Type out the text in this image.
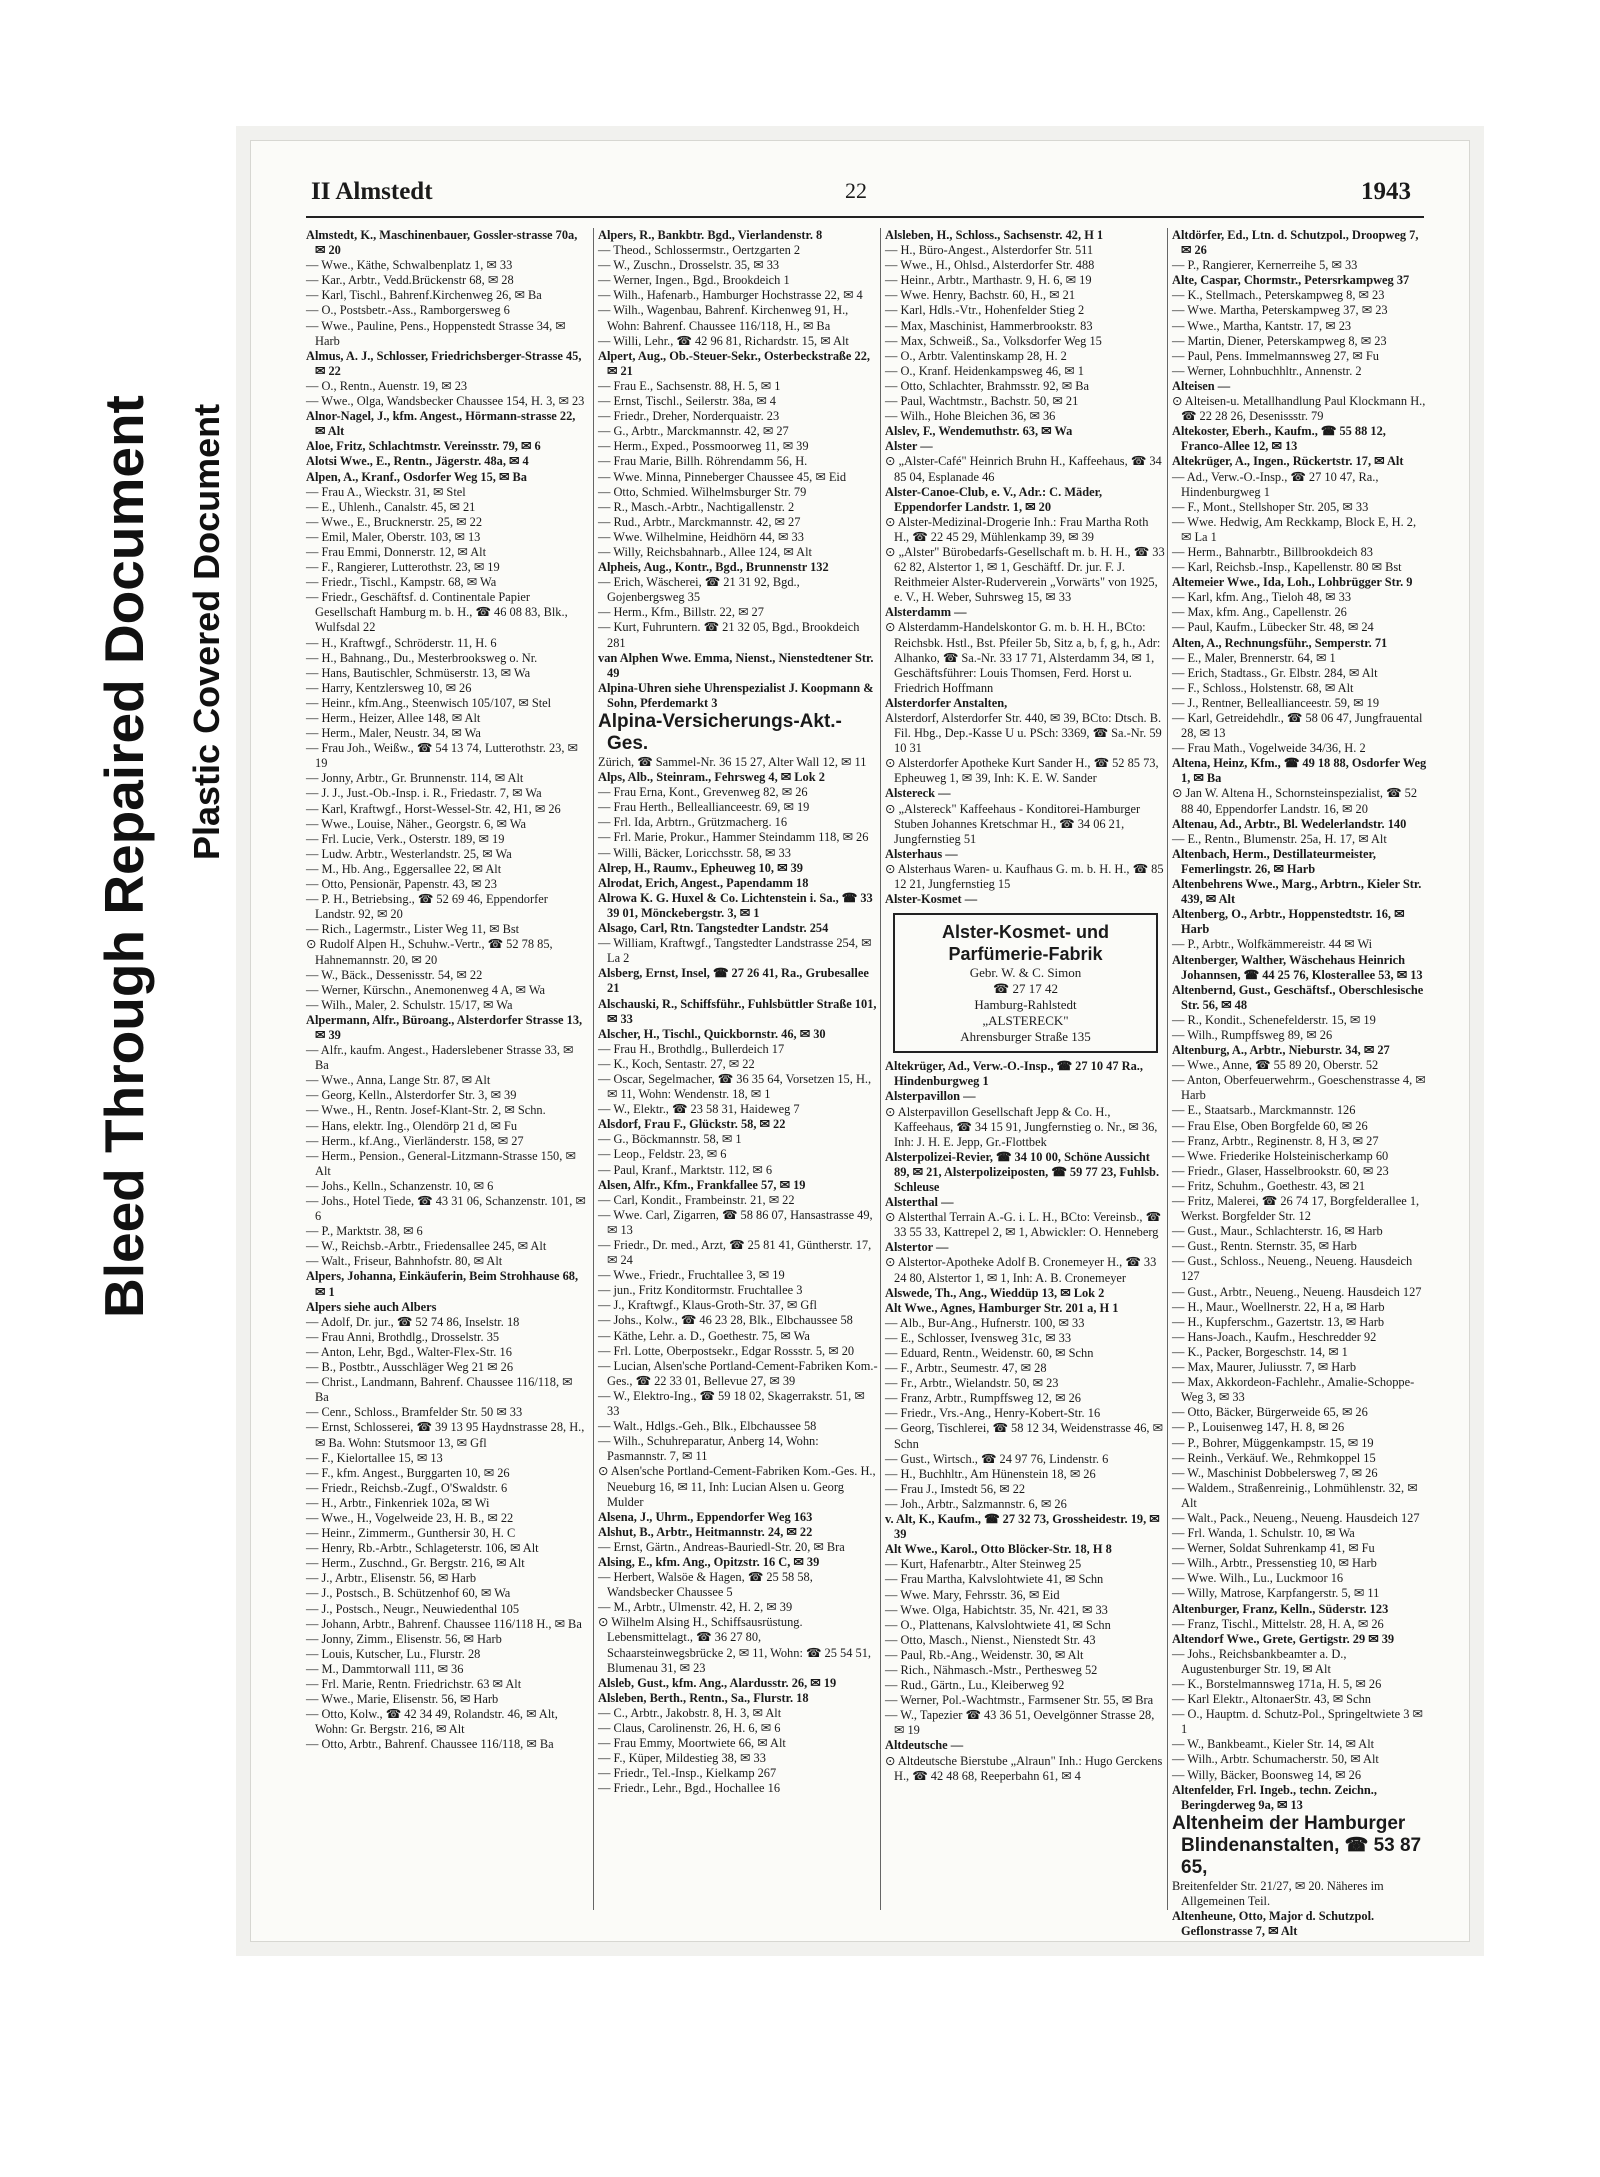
Bleed Through Repaired Document Plastic Covered Document
22
II Almstedt	1943
Almstedt, K., Maschinenbauer, Gossler-strasse 70a, ✉ 20
— Wwe., Käthe, Schwalbenplatz 1, ✉ 33
— Kar., Arbtr., Vedd.Brückenstr 68, ✉ 28
— Karl, Tischl., Bahrenf.Kirchenweg 26, ✉ Ba
— O., Postsbetr.-Ass., Ramborgersweg 6
— Wwe., Pauline, Pens., Hoppenstedt Strasse 34, ✉ Harb
Almus, A. J., Schlosser, Friedrichsberger-Strasse 45, ✉ 22
— O., Rentn., Auenstr. 19, ✉ 23
— Wwe., Olga, Wandsbecker Chaussee 154, H. 3, ✉ 23
Alnor-Nagel, J., kfm. Angest., Hörmann-strasse 22, ✉ Alt
Aloe, Fritz, Schlachtmstr. Vereinsstr. 79, ✉ 6
Alotsi Wwe., E., Rentn., Jägerstr. 48a, ✉ 4
Alpen, A., Kranf., Osdorfer Weg 15, ✉ Ba
— Frau A., Wieckstr. 31, ✉ Stel
— E., Uhlenh., Canalstr. 45, ✉ 21
— Wwe., E., Brucknerstr. 25, ✉ 22
— Emil, Maler, Oberstr. 103, ✉ 13
— Frau Emmi, Donnerstr. 12, ✉ Alt
— F., Rangierer, Lutterothstr. 23, ✉ 19
— Friedr., Tischl., Kampstr. 68, ✉ Wa
— Friedr., Geschäftsf. d. Continentale Papier Gesellschaft Hamburg m. b. H., ☎ 46 08 83, Blk., Wulfsdal 22
— H., Kraftwgf., Schröderstr. 11, H. 6
— H., Bahnang., Du., Mesterbrooksweg o. Nr.
— Hans, Bautischler, Schmüserstr. 13, ✉ Wa
— Harry, Kentzlersweg 10, ✉ 26
— Heinr., kfm.Ang., Steenwisch 105/107, ✉ Stel
— Herm., Heizer, Allee 148, ✉ Alt
— Herm., Maler, Neustr. 34, ✉ Wa
— Frau Joh., Weißw., ☎ 54 13 74, Lutterothstr. 23, ✉ 19
— Jonny, Arbtr., Gr. Brunnenstr. 114, ✉ Alt
— J. J., Just.-Ob.-Insp. i. R., Friedastr. 7, ✉ Wa
— Karl, Kraftwgf., Horst-Wessel-Str. 42, H1, ✉ 26
— Wwe., Louise, Näher., Georgstr. 6, ✉ Wa
— Frl. Lucie, Verk., Osterstr. 189, ✉ 19
— Ludw. Arbtr., Westerlandstr. 25, ✉ Wa
— M., Hb. Ang., Eggersallee 22, ✉ Alt
— Otto, Pensionär, Papenstr. 43, ✉ 23
— P. H., Betriebsing., ☎ 52 69 46, Eppendorfer Landstr. 92, ✉ 20
— Rich., Lagermstr., Lister Weg 11, ✉ Bst
⊙ Rudolf Alpen H., Schuhw.-Vertr., ☎ 52 78 85, Hahnemannstr. 20, ✉ 20
— W., Bäck., Dessenisstr. 54, ✉ 22
— Werner, Kürschn., Anemonenweg 4 A, ✉ Wa
— Wilh., Maler, 2. Schulstr. 15/17, ✉ Wa
Alpermann, Alfr., Büroang., Alsterdorfer Strasse 13, ✉ 39
— Alfr., kaufm. Angest., Haderslebener Strasse 33, ✉ Ba
— Wwe., Anna, Lange Str. 87, ✉ Alt
— Georg, Kelln., Alsterdorfer Str. 3, ✉ 39
— Wwe., H., Rentn. Josef-Klant-Str. 2, ✉ Schn.
— Hans, elektr. Ing., Olendörp 21 d, ✉ Fu
— Herm., kf.Ang., Vierländerstr. 158, ✉ 27
— Herm., Pension., General-Litzmann-Strasse 150, ✉ Alt
— Johs., Kelln., Schanzenstr. 10, ✉ 6
— Johs., Hotel Tiede, ☎ 43 31 06, Schanzenstr. 101, ✉ 6
— P., Marktstr. 38, ✉ 6
— W., Reichsb.-Arbtr., Friedensallee 245, ✉ Alt
— Walt., Friseur, Bahnhofstr. 80, ✉ Alt
Alpers, Johanna, Einkäuferin, Beim Strohhause 68, ✉ 1
Alpers siehe auch Albers
— Adolf, Dr. jur., ☎ 52 74 86, Inselstr. 18
— Frau Anni, Brothdlg., Drosselstr. 35
— Anton, Lehr, Bgd., Walter-Flex-Str. 16
— B., Postbtr., Ausschläger Weg 21 ✉ 26
— Christ., Landmann, Bahrenf. Chaussee 116/118, ✉ Ba
— Cenr., Schloss., Bramfelder Str. 50 ✉ 33
— Ernst, Schlosserei, ☎ 39 13 95 Haydnstrasse 28, H., ✉ Ba. Wohn: Stutsmoor 13, ✉ Gfl
— F., Kielortallee 15, ✉ 13
— F., kfm. Angest., Burggarten 10, ✉ 26
— Friedr., Reichsb.-Zugf., O'Swaldstr. 6
— H., Arbtr., Finkenriek 102a, ✉ Wi
— Wwe., H., Vogelweide 23, H. B., ✉ 22
— Heinr., Zimmerm., Gunthersir 30, H. C
— Henry, Rb.-Arbtr., Schlageterstr. 106, ✉ Alt
— Herm., Zuschnd., Gr. Bergstr. 216, ✉ Alt
— J., Arbtr., Elisenstr. 56, ✉ Harb
— J., Postsch., B. Schützenhof 60, ✉ Wa
— J., Postsch., Neugr., Neuwiedenthal 105
— Johann, Arbtr., Bahrenf. Chaussee 116/118 H., ✉ Ba
— Jonny, Zimm., Elisenstr. 56, ✉ Harb
— Louis, Kutscher, Lu., Flurstr. 28
— M., Dammtorwall 111, ✉ 36
— Frl. Marie, Rentn. Friedrichstr. 63 ✉ Alt
— Wwe., Marie, Elisenstr. 56, ✉ Harb
— Otto, Kolw., ☎ 42 34 49, Rolandstr. 46, ✉ Alt, Wohn: Gr. Bergstr. 216, ✉ Alt
— Otto, Arbtr., Bahrenf. Chaussee 116/118, ✉ Ba
Alpers, R., Bankbtr. Bgd., Vierlandenstr. 8
— Theod., Schlossermstr., Oertzgarten 2
— W., Zuschn., Drosselstr. 35, ✉ 33
— Werner, Ingen., Bgd., Brookdeich 1
— Wilh., Hafenarb., Hamburger Hochstrasse 22, ✉ 4
— Wilh., Wagenbau, Bahrenf. Kirchenweg 91, H., Wohn: Bahrenf. Chaussee 116/118, H., ✉ Ba
— Willi, Lehr., ☎ 42 96 81, Richardstr. 15, ✉ Alt
Alpert, Aug., Ob.-Steuer-Sekr., Osterbeckstraße 22, ✉ 21
— Frau E., Sachsenstr. 88, H. 5, ✉ 1
— Ernst, Tischl., Seilerstr. 38a, ✉ 4
— Friedr., Dreher, Norderquaistr. 23
— G., Arbtr., Marckmannstr. 42, ✉ 27
— Herm., Exped., Possmoorweg 11, ✉ 39
— Frau Marie, Billh. Röhrendamm 56, H.
— Wwe. Minna, Pinneberger Chaussee 45, ✉ Eid
— Otto, Schmied. Wilhelmsburger Str. 79
— R., Masch.-Arbtr., Nachtigallenstr. 2
— Rud., Arbtr., Marckmannstr. 42, ✉ 27
— Wwe. Wilhelmine, Heidhörn 44, ✉ 33
— Willy, Reichsbahnarb., Allee 124, ✉ Alt
Alpheis, Aug., Kontr., Bgd., Brunnenstr 132
— Erich, Wäscherei, ☎ 21 31 92, Bgd., Gojenbergsweg 35
— Herm., Kfm., Billstr. 22, ✉ 27
— Kurt, Fuhruntern. ☎ 21 32 05, Bgd., Brookdeich 281
van Alphen Wwe. Emma, Nienst., Nienstedtener Str. 49
Alpina-Uhren siehe Uhrenspezialist J. Koopmann & Sohn, Pferdemarkt 3
Alpina-Versicherungs-Akt.-Ges.
Zürich, ☎ Sammel-Nr. 36 15 27, Alter Wall 12, ✉ 11
Alps, Alb., Steinram., Fehrsweg 4, ✉ Lok 2
— Frau Erna, Kont., Grevenweg 82, ✉ 26
— Frau Herth., Belleallianceestr. 69, ✉ 19
— Frl. Ida, Arbtrn., Grützmacherg. 16
— Frl. Marie, Prokur., Hammer Steindamm 118, ✉ 26
— Willi, Bäcker, Loricchsstr. 58, ✉ 33
Alrep, H., Raumv., Epheuweg 10, ✉ 39
Alrodat, Erich, Angest., Papendamm 18
Alrowa K. G. Huxel & Co. Lichtenstein i. Sa., ☎ 33 39 01, Mönckebergstr. 3, ✉ 1
Alsago, Carl, Rtn. Tangstedter Landstr. 254
— William, Kraftwgf., Tangstedter Landstrasse 254, ✉ La 2
Alsberg, Ernst, Insel, ☎ 27 26 41, Ra., Grubesallee 21
Alschauski, R., Schiffsführ., Fuhlsbüttler Straße 101, ✉ 33
Alscher, H., Tischl., Quickbornstr. 46, ✉ 30
— Frau H., Brothdlg., Bullerdeich 17
— K., Koch, Sentastr. 27, ✉ 22
— Oscar, Segelmacher, ☎ 36 35 64, Vorsetzen 15, H., ✉ 11, Wohn: Wendenstr. 18, ✉ 1
— W., Elektr., ☎ 23 58 31, Haideweg 7
Alsdorf, Frau F., Glückstr. 58, ✉ 22
— G., Böckmannstr. 58, ✉ 1
— Leop., Feldstr. 23, ✉ 6
— Paul, Kranf., Marktstr. 112, ✉ 6
Alsen, Alfr., Kfm., Frankfallee 57, ✉ 19
— Carl, Kondit., Frambeinstr. 21, ✉ 22
— Wwe. Carl, Zigarren, ☎ 58 86 07, Hansastrasse 49, ✉ 13
— Friedr., Dr. med., Arzt, ☎ 25 81 41, Güntherstr. 17, ✉ 24
— Wwe., Friedr., Fruchtallee 3, ✉ 19
— jun., Fritz Konditormstr. Fruchtallee 3
— J., Kraftwgf., Klaus-Groth-Str. 37, ✉ Gfl
— Johs., Kolw., ☎ 46 23 28, Blk., Elbchaussee 58
— Käthe, Lehr. a. D., Goethestr. 75, ✉ Wa
— Frl. Lotte, Oberpostsekr., Edgar Rossstr. 5, ✉ 20
— Lucian, Alsen'sche Portland-Cement-Fabriken Kom.-Ges., ☎ 22 33 01, Bellevue 27, ✉ 39
— W., Elektro-Ing., ☎ 59 18 02, Skagerrakstr. 51, ✉ 33
— Walt., Hdlgs.-Geh., Blk., Elbchaussee 58
— Wilh., Schuhreparatur, Anberg 14, Wohn: Pasmannstr. 7, ✉ 11
⊙ Alsen'sche Portland-Cement-Fabriken Kom.-Ges. H., Neueburg 16, ✉ 11, Inh: Lucian Alsen u. Georg Mulder
Alsena, J., Uhrm., Eppendorfer Weg 163
Alshut, B., Arbtr., Heitmannstr. 24, ✉ 22
— Ernst, Gärtn., Andreas-Bauriedl-Str. 20, ✉ Bra
Alsing, E., kfm. Ang., Opitzstr. 16 C, ✉ 39
— Herbert, Walsöe & Hagen, ☎ 25 58 58, Wandsbecker Chaussee 5
— M., Arbtr., Ulmenstr. 42, H. 2, ✉ 39
⊙ Wilhelm Alsing H., Schiffsausrüstung. Lebensmittelagt., ☎ 36 27 80, Schaarsteinwegsbrücke 2, ✉ 11, Wohn: ☎ 25 54 51, Blumenau 31, ✉ 23
Alsleb, Gust., kfm. Ang., Alardusstr. 26, ✉ 19
Alsleben, Berth., Rentn., Sa., Flurstr. 18
— C., Arbtr., Jakobstr. 8, H. 3, ✉ Alt
— Claus, Carolinenstr. 26, H. 6, ✉ 6
— Frau Emmy, Moortwiete 66, ✉ Alt
— F., Küper, Mildestieg 38, ✉ 33
— Friedr., Tel.-Insp., Kielkamp 267
— Friedr., Lehr., Bgd., Hochallee 16
Alsleben, H., Schloss., Sachsenstr. 42, H 1
— H., Büro-Angest., Alsterdorfer Str. 511
— Wwe., H., Ohlsd., Alsterdorfer Str. 488
— Heinr., Arbtr., Marthastr. 9, H. 6, ✉ 19
— Wwe. Henry, Bachstr. 60, H., ✉ 21
— Karl, Hdls.-Vtr., Hohenfelder Stieg 2
— Max, Maschinist, Hammerbrookstr. 83
— Max, Schweiß., Sa., Volksdorfer Weg 15
— O., Arbtr. Valentinskamp 28, H. 2
— O., Kranf. Heidenkampsweg 46, ✉ 1
— Otto, Schlachter, Brahmsstr. 92, ✉ Ba
— Paul, Wachtmstr., Bachstr. 50, ✉ 21
— Wilh., Hohe Bleichen 36, ✉ 36
Alslev, F., Wendemuthstr. 63, ✉ Wa
Alster —
⊙ „Alster-Café" Heinrich Bruhn H., Kaffeehaus, ☎ 34 85 04, Esplanade 46
Alster-Canoe-Club, e. V., Adr.: C. Mäder, Eppendorfer Landstr. 1, ✉ 20
⊙ Alster-Medizinal-Drogerie Inh.: Frau Martha Roth H., ☎ 22 45 29, Mühlenkamp 39, ✉ 39
⊙ „Alster" Bürobedarfs-Gesellschaft m. b. H. H., ☎ 33 62 82, Alstertor 1, ✉ 1, Geschäftf. Dr. jur. F. J. Reithmeier Alster-Ruderverein „Vorwärts" von 1925, e. V., H. Weber, Suhrsweg 15, ✉ 33
Alsterdamm —
⊙ Alsterdamm-Handelskontor G. m. b. H. H., BCto: Reichsbk. Hstl., Bst. Pfeiler 5b, Sitz a, b, f, g, h., Adr: Alhanko, ☎ Sa.-Nr. 33 17 71, Alsterdamm 34, ✉ 1, Geschäftsführer: Louis Thomsen, Ferd. Horst u. Friedrich Hoffmann
Alsterdorfer Anstalten,
Alsterdorf, Alsterdorfer Str. 440, ✉ 39, BCto: Dtsch. B. Fil. Hbg., Dep.-Kasse U u. PSch: 3369, ☎ Sa.-Nr. 59 10 31
⊙ Alsterdorfer Apotheke Kurt Sander H., ☎ 52 85 73, Epheuweg 1, ✉ 39, Inh: K. E. W. Sander
Alstereck —
⊙ „Alstereck" Kaffeehaus - Konditorei-Hamburger Stuben Johannes Kretschmar H., ☎ 34 06 21, Jungfernstieg 51
Alsterhaus —
⊙ Alsterhaus Waren- u. Kaufhaus G. m. b. H. H., ☎ 85 12 21, Jungfernstieg 15
Alster-Kosmet —
Alster-Kosmet- und Parfümerie-Fabrik
Gebr. W. & C. Simon
☎ 27 17 42
Hamburg-Rahlstedt
„ALSTERECK"
Ahrensburger Straße 135
Altekrüger, Ad., Verw.-O.-Insp., ☎ 27 10 47 Ra., Hindenburgweg 1
Alsterpavillon —
⊙ Alsterpavillon Gesellschaft Jepp & Co. H., Kaffeehaus, ☎ 34 15 91, Jungfernstieg o. Nr., ✉ 36, Inh: J. H. E. Jepp, Gr.-Flottbek
Alsterpolizei-Revier, ☎ 34 10 00, Schöne Aussicht 89, ✉ 21, Alsterpolizeiposten, ☎ 59 77 23, Fuhlsb. Schleuse
Alsterthal —
⊙ Alsterthal Terrain A.-G. i. L. H., BCto: Vereinsb., ☎ 33 55 33, Kattrepel 2, ✉ 1, Abwickler: O. Henneberg
Alstertor —
⊙ Alstertor-Apotheke Adolf B. Cronemeyer H., ☎ 33 24 80, Alstertor 1, ✉ 1, Inh: A. B. Cronemeyer
Alswede, Th., Ang., Wieddüp 13, ✉ Lok 2
Alt Wwe., Agnes, Hamburger Str. 201 a, H 1
— Alb., Bur-Ang., Hufnerstr. 100, ✉ 33
— E., Schlosser, Ivensweg 31c, ✉ 33
— Eduard, Rentn., Weidenstr. 60, ✉ Schn
— F., Arbtr., Seumestr. 47, ✉ 28
— Fr., Arbtr., Wielandstr. 50, ✉ 23
— Franz, Arbtr., Rumpffsweg 12, ✉ 26
— Friedr., Vrs.-Ang., Henry-Kobert-Str. 16
— Georg, Tischlerei, ☎ 58 12 34, Weidenstrasse 46, ✉ Schn
— Gust., Wirtsch., ☎ 24 97 76, Lindenstr. 6
— H., Buchhltr., Am Hünenstein 18, ✉ 26
— Frau J., Imstedt 56, ✉ 22
— Joh., Arbtr., Salzmannstr. 6, ✉ 26
v. Alt, K., Kaufm., ☎ 27 32 73, Grossheidestr. 19, ✉ 39
Alt Wwe., Karol., Otto Blöcker-Str. 18, H 8
— Kurt, Hafenarbtr., Alter Steinweg 25
— Frau Martha, Kalvslohtwiete 41, ✉ Schn
— Wwe. Mary, Fehrsstr. 36, ✉ Eid
— Wwe. Olga, Habichtstr. 35, Nr. 421, ✉ 33
— O., Plattenans, Kalvslohtwiete 41, ✉ Schn
— Otto, Masch., Nienst., Nienstedt Str. 43
— Paul, Rb.-Ang., Weidenstr. 30, ✉ Alt
— Rich., Nähmasch.-Mstr., Perthesweg 52
— Rud., Gärtn., Lu., Kleiberweg 92
— Werner, Pol.-Wachtmstr., Farmsener Str. 55, ✉ Bra
— W., Tapezier ☎ 43 36 51, Oevelgönner Strasse 28, ✉ 19
Altdeutsche —
⊙ Altdeutsche Bierstube „Alraun" Inh.: Hugo Gerckens H., ☎ 42 48 68, Reeperbahn 61, ✉ 4
Altdörfer, Ed., Ltn. d. Schutzpol., Droopweg 7, ✉ 26
— P., Rangierer, Kernerreihe 5, ✉ 33
Alte, Caspar, Chormstr., Petersrkampweg 37
— K., Stellmach., Peterskampweg 8, ✉ 23
— Wwe. Martha, Peterskampweg 37, ✉ 23
— Wwe., Martha, Kantstr. 17, ✉ 23
— Martin, Diener, Peterskampweg 8, ✉ 23
— Paul, Pens. Immelmannsweg 27, ✉ Fu
— Werner, Lohnbuchhltr., Annenstr. 2
Alteisen —
⊙ Alteisen-u. Metallhandlung Paul Klockmann H., ☎ 22 28 26, Desenissstr. 79
Altekoster, Eberh., Kaufm., ☎ 55 88 12, Franco-Allee 12, ✉ 13
Altekrüger, A., Ingen., Rückertstr. 17, ✉ Alt
— Ad., Verw.-O.-Insp., ☎ 27 10 47, Ra., Hindenburgweg 1
— F., Mont., Stellshoper Str. 205, ✉ 33
— Wwe. Hedwig, Am Reckkamp, Block E, H. 2, ✉ La 1
— Herm., Bahnarbtr., Billbrookdeich 83
— Karl, Reichsb.-Insp., Kapellenstr. 80 ✉ Bst
Altemeier Wwe., Ida, Loh., Lohbrügger Str. 9
— Karl, kfm. Ang., Tieloh 48, ✉ 33
— Max, kfm. Ang., Capellenstr. 26
— Paul, Kaufm., Lübecker Str. 48, ✉ 24
Alten, A., Rechnungsführ., Semperstr. 71
— E., Maler, Brennerstr. 64, ✉ 1
— Erich, Stadtass., Gr. Elbstr. 284, ✉ Alt
— F., Schloss., Holstenstr. 68, ✉ Alt
— J., Rentner, Belleallianceestr. 59, ✉ 19
— Karl, Getreidehdlr., ☎ 58 06 47, Jungfrauental 28, ✉ 13
— Frau Math., Vogelweide 34/36, H. 2
Altena, Heinz, Kfm., ☎ 49 18 88, Osdorfer Weg 1, ✉ Ba
⊙ Jan W. Altena H., Schornsteinspezialist, ☎ 52 88 40, Eppendorfer Landstr. 16, ✉ 20
Altenau, Ad., Arbtr., Bl. Wedelerlandstr. 140
— E., Rentn., Blumenstr. 25a, H. 17, ✉ Alt
Altenbach, Herm., Destillateurmeister, Femerlingstr. 26, ✉ Harb
Altenbehrens Wwe., Marg., Arbtrn., Kieler Str. 439, ✉ Alt
Altenberg, O., Arbtr., Hoppenstedtstr. 16, ✉ Harb
— P., Arbtr., Wolfkämmereistr. 44 ✉ Wi
Altenberger, Walther, Wäschehaus Heinrich Johannsen, ☎ 44 25 76, Klosterallee 53, ✉ 13
Altenbernd, Gust., Geschäftsf., Oberschlesische Str. 56, ✉ 48
— R., Kondit., Schenefelderstr. 15, ✉ 19
— Wilh., Rumpffsweg 89, ✉ 26
Altenburg, A., Arbtr., Nieburstr. 34, ✉ 27
— Wwe., Anne, ☎ 55 89 20, Oberstr. 52
— Anton, Oberfeuerwehrm., Goeschenstrasse 4, ✉ Harb
— E., Staatsarb., Marckmannstr. 126
— Frau Else, Oben Borgfelde 60, ✉ 26
— Franz, Arbtr., Reginenstr. 8, H 3, ✉ 27
— Wwe. Friederike Holsteinischerkamp 60
— Friedr., Glaser, Hasselbrookstr. 60, ✉ 23
— Fritz, Schuhm., Goethestr. 43, ✉ 21
— Fritz, Malerei, ☎ 26 74 17, Borgfelderallee 1, Werkst. Borgfelder Str. 12
— Gust., Maur., Schlachterstr. 16, ✉ Harb
— Gust., Rentn. Sternstr. 35, ✉ Harb
— Gust., Schloss., Neueng., Neueng. Hausdeich 127
— Gust., Arbtr., Neueng., Neueng. Hausdeich 127
— H., Maur., Woellnerstr. 22, H a, ✉ Harb
— H., Kupferschm., Gazertstr. 13, ✉ Harb
— Hans-Joach., Kaufm., Heschredder 92
— K., Packer, Borgeschstr. 14, ✉ 1
— Max, Maurer, Juliusstr. 7, ✉ Harb
— Max, Akkordeon-Fachlehr., Amalie-Schoppe-Weg 3, ✉ 33
— Otto, Bäcker, Bürgerweide 65, ✉ 26
— P., Louisenweg 147, H. 8, ✉ 26
— P., Bohrer, Müggenkampstr. 15, ✉ 19
— Reinh., Verkäuf. We., Rehmkoppel 15
— W., Maschinist Dobbelersweg 7, ✉ 26
— Waldem., Straßenreinig., Lohmühlenstr. 32, ✉ Alt
— Walt., Pack., Neueng., Neueng. Hausdeich 127
— Frl. Wanda, 1. Schulstr. 10, ✉ Wa
— Werner, Soldat Suhrenkamp 41, ✉ Fu
— Wilh., Arbtr., Pressenstieg 10, ✉ Harb
— Wwe. Wilh., Lu., Luckmoor 16
— Willy, Matrose, Karpfangerstr. 5, ✉ 11
Altenburger, Franz, Kelln., Süderstr. 123
— Franz, Tischl., Mittelstr. 28, H. A, ✉ 26
Altendorf Wwe., Grete, Gertigstr. 29 ✉ 39
— Johs., Reichsbankbeamter a. D., Augustenburger Str. 19, ✉ Alt
— K., Borstelmannsweg 171a, H. 5, ✉ 26
— Karl Elektr., AltonaerStr. 43, ✉ Schn
— O., Hauptm. d. Schutz-Pol., Springeltwiete 3 ✉ 1
— W., Bankbeamt., Kieler Str. 14, ✉ Alt
— Wilh., Arbtr. Schumacherstr. 50, ✉ Alt
— Willy, Bäcker, Boonsweg 14, ✉ 26
Altenfelder, Frl. Ingeb., techn. Zeichn., Beringderweg 9a, ✉ 13
Altenheim der Hamburger Blindenanstalten, ☎ 53 87 65,
Breitenfelder Str. 21/27, ✉ 20. Näheres im Allgemeinen Teil.
Altenheune, Otto, Major d. Schutzpol. Geflonstrasse 7, ✉ Alt
